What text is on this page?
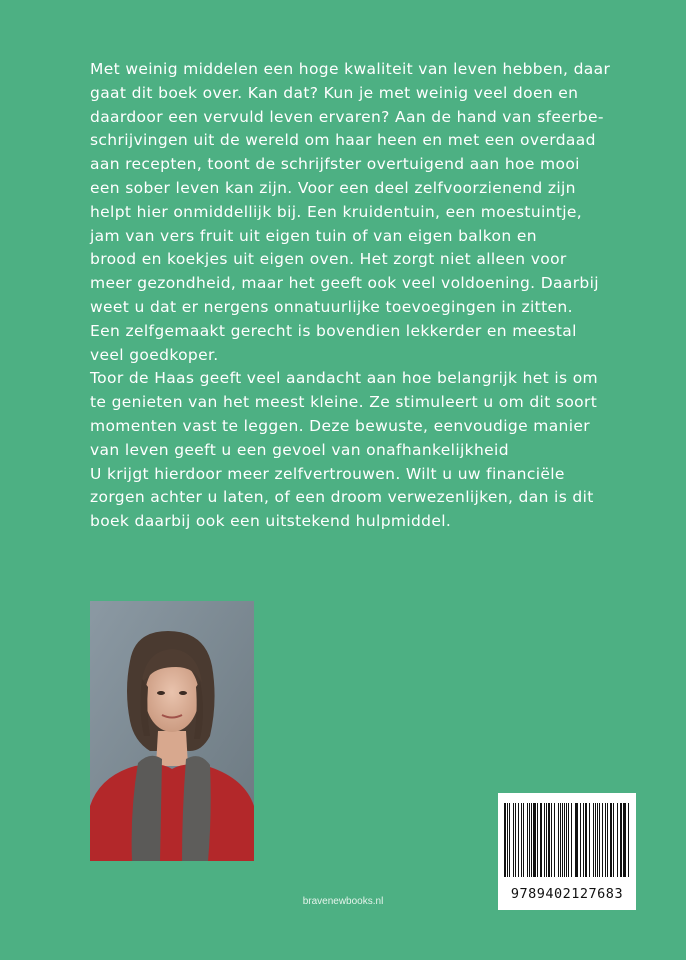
Met weinig middelen een hoge kwaliteit van leven hebben, daar
gaat dit boek over. Kan dat? Kun je met weinig veel doen en
daardoor een vervuld leven ervaren? Aan de hand van sfeerbe-
schrijvingen uit de wereld om haar heen en met een overdaad
aan recepten, toont de schrijfster overtuigend aan hoe mooi
een sober leven kan zijn. Voor een deel zelfvoorzienend zijn
helpt hier onmiddellijk bij. Een kruidentuin, een moestuintje,
jam van vers fruit uit eigen tuin of van eigen balkon en
brood en koekjes uit eigen oven. Het zorgt niet alleen voor
meer gezondheid, maar het geeft ook veel voldoening. Daarbij
weet u dat er nergens onnatuurlijke toevoegingen in zitten.
Een zelfgemaakt gerecht is bovendien lekkerder en meestal
veel goedkoper.

Toor de Haas geeft veel aandacht aan hoe belangrijk het is om
te genieten van het meest kleine. Ze stimuleert u om dit soort
momenten vast te leggen. Deze bewuste, eenvoudige manier
van leven geeft u een gevoel van onafhankelijkheid
U krijgt hierdoor meer zelfvertrouwen. Wilt u uw financiële
zorgen achter u laten, of een droom verwezenlijken, dan is dit
boek daarbij ook een uitstekend hulpmiddel.

9789402127683
bravenewbooks.nl
